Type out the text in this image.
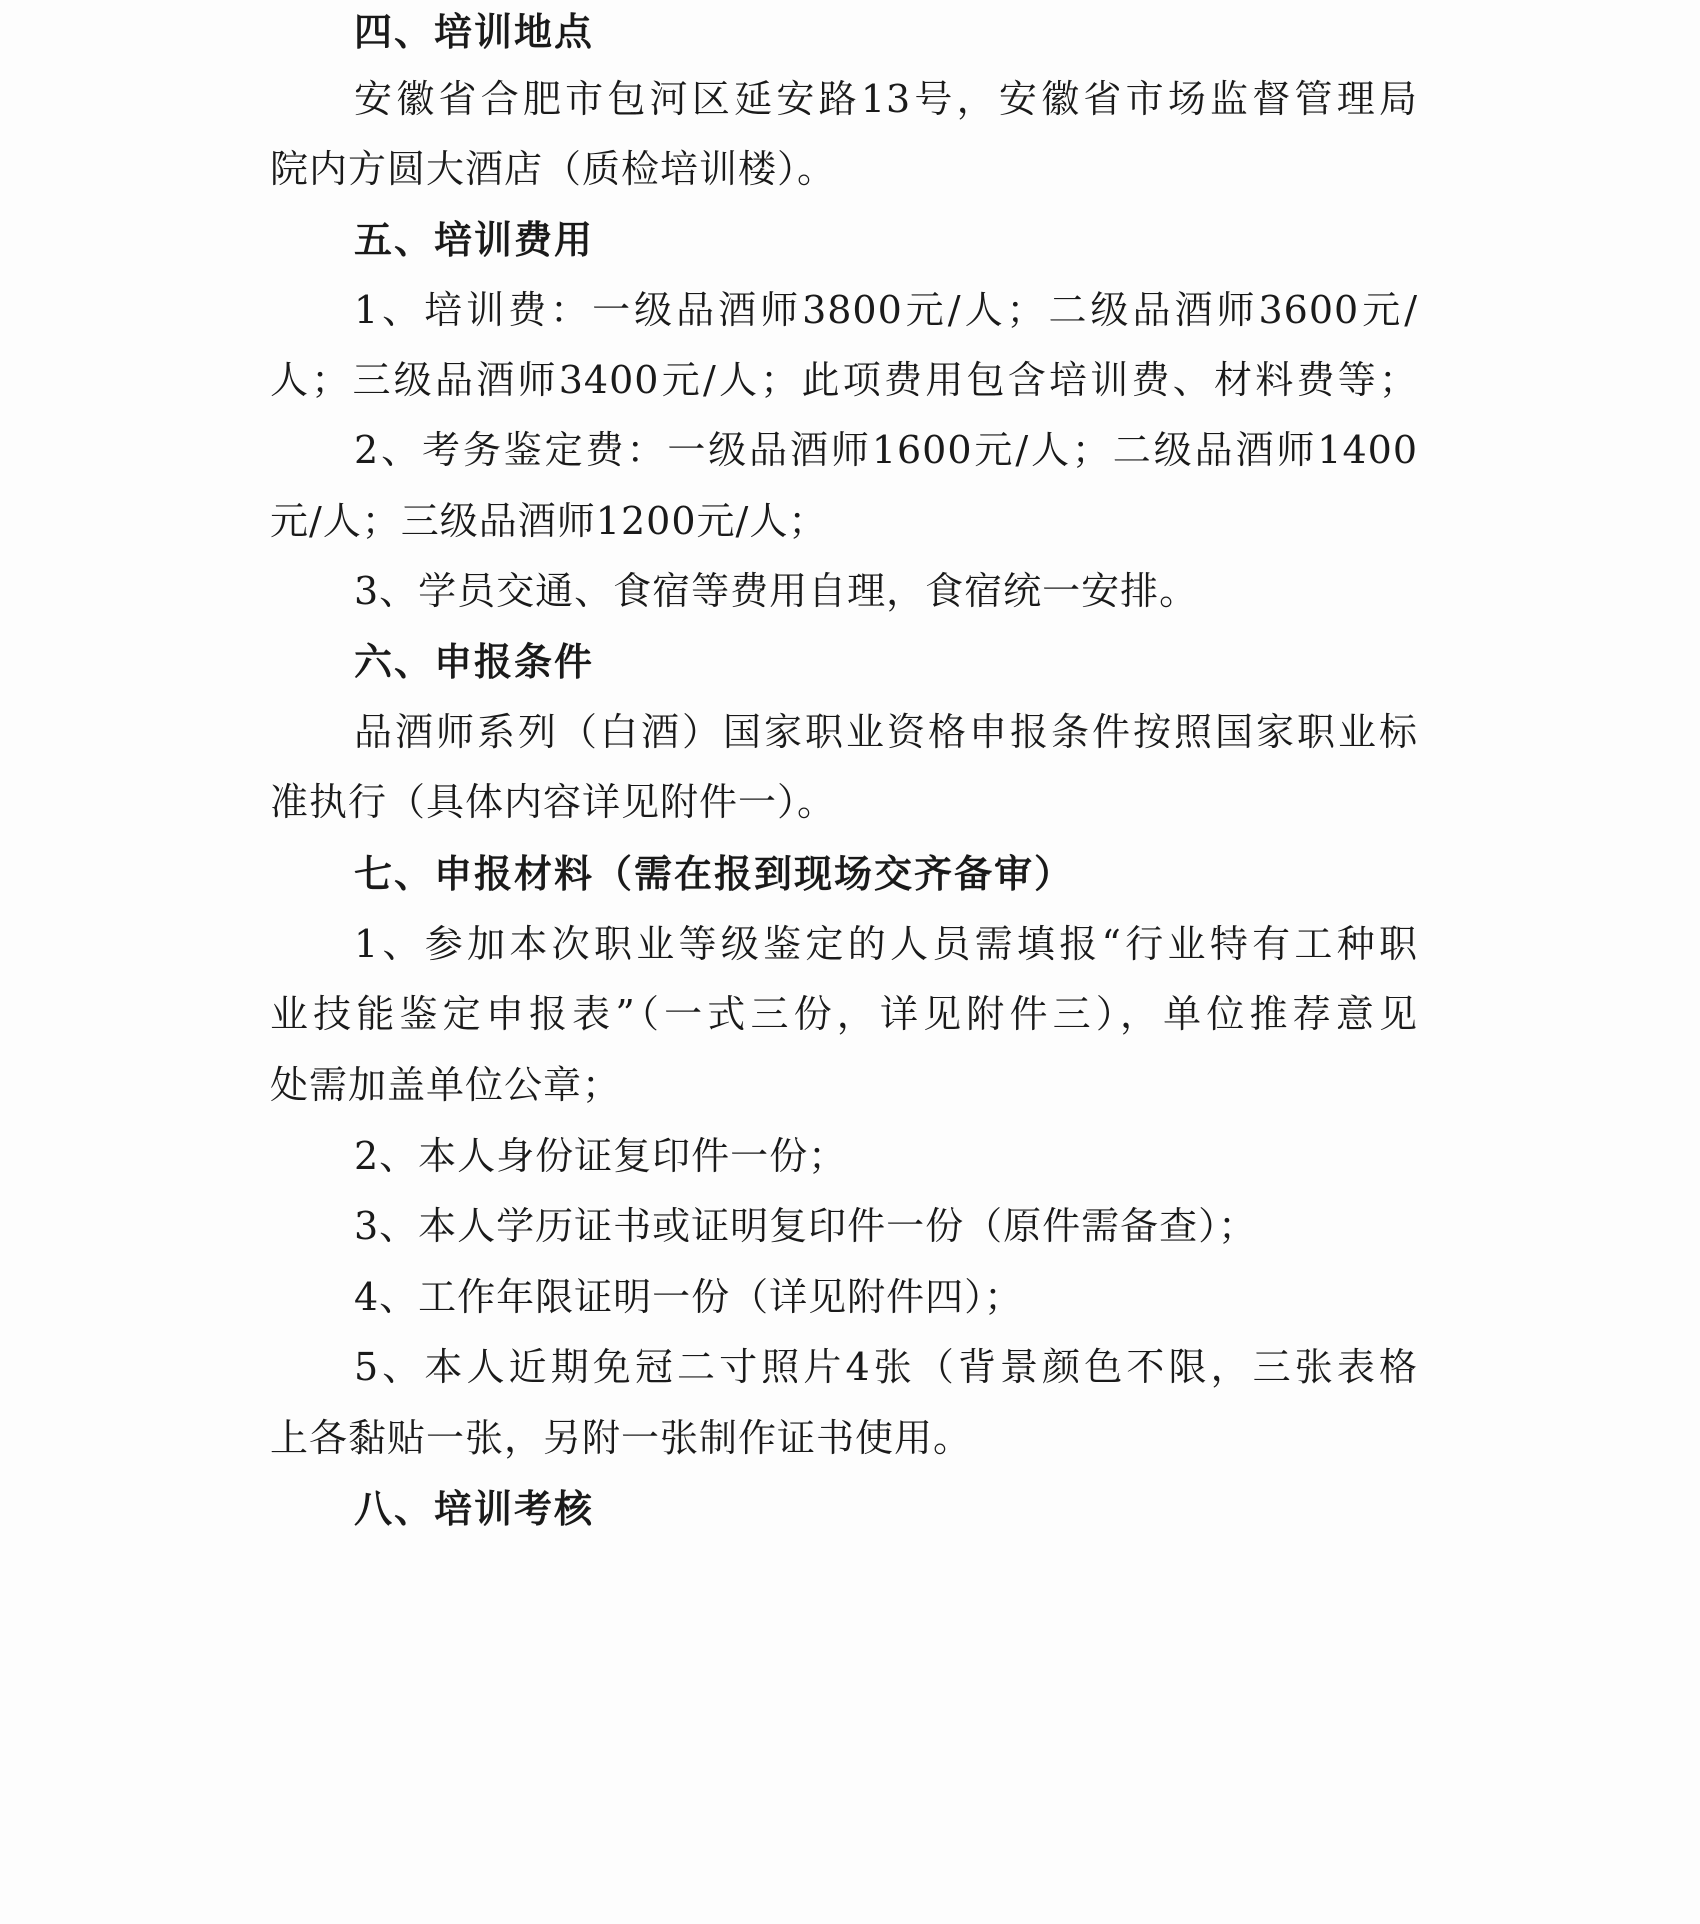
四、培训地点
安徽省合肥市包河区延安路13号，安徽省市场监督管理局
院内方圆大酒店（质检培训楼）。
五、培训费用
1、培训费：一级品酒师3800元/人；二级品酒师3600元/
人；三级品酒师3400元/人；此项费用包含培训费、材料费等；
2、考务鉴定费：一级品酒师1600元/人；二级品酒师1400
元/人；三级品酒师1200元/人；
3、学员交通、食宿等费用自理，食宿统一安排。
六、申报条件
品酒师系列（白酒）国家职业资格申报条件按照国家职业标
准执行（具体内容详见附件一）。
七、申报材料（需在报到现场交齐备审）
1、参加本次职业等级鉴定的人员需填报“行业特有工种职
业技能鉴定申报表”（一式三份，详见附件三），单位推荐意见
处需加盖单位公章；
2、本人身份证复印件一份；
3、本人学历证书或证明复印件一份（原件需备查）；
4、工作年限证明一份（详见附件四）；
5、本人近期免冠二寸照片4张（背景颜色不限，三张表格
上各黏贴一张，另附一张制作证书使用。
八、培训考核
